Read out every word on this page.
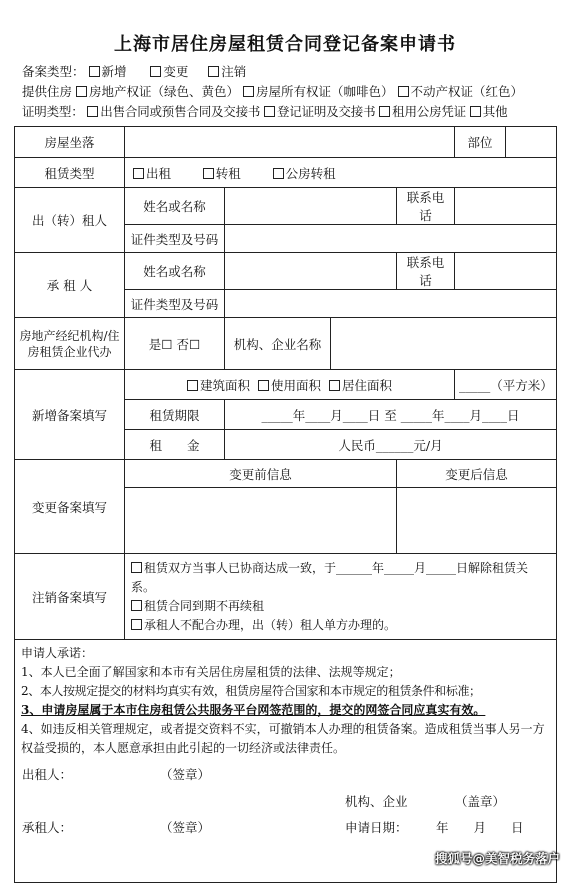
上海市居住房屋租赁合同登记备案申请书
备案类型： 新增	变更	注销
提供住房 房地产权证（绿色、黄色） 房屋所有权证（咖啡色） 不动产权证（红色）
证明类型： 出售合同或预售合同及交接书 登记证明及交接书 租用公房凭证 其他
房屋坐落					部位

租赁类型	出租 转租 公房转租				
出（转）租人	姓名或名称			联系电话	
	证件类型及号码				
承 租 人	姓名或名称			联系电话	
	证件类型及号码				
房地产经纪机构/住房租赁企业代办	是☐ 否☐	机构、企业名称			
新增备案填写	建筑面积 使用面积 居住面积				_____（平方米）
	租赁期限	_____年____月____日 至 _____年____月____日			
	租　　金	人民币______元/月			
变更备案填写	变更前信息			变更后信息	

注销备案填写	租赁双方当事人已协商达成一致，于______年_____月_____日解除租赁关系。
租赁合同到期不再续租
承租人不配合办理，出（转）租人单方办理的。				

申请人承诺：
1、本人已全面了解国家和本市有关居住房屋租赁的法律、法规等规定；
2、本人按规定提交的材料均真实有效，租赁房屋符合国家和本市规定的租赁条件和标准；
3、申请房屋属于本市住房租赁公共服务平台网签范围的，提交的网签合同应真实有效。
4、如违反相关管理规定，或者提交资料不实，可撤销本人办理的租赁备案。造成租赁当事人另一方权益受损的，本人愿意承担由此引起的一切经济或法律责任。					
出租人：	（签章）
机构、企业	（盖章）
承租人：	（签章）	申请日期： 年　　月　　日
搜狐号@美智税务落户
